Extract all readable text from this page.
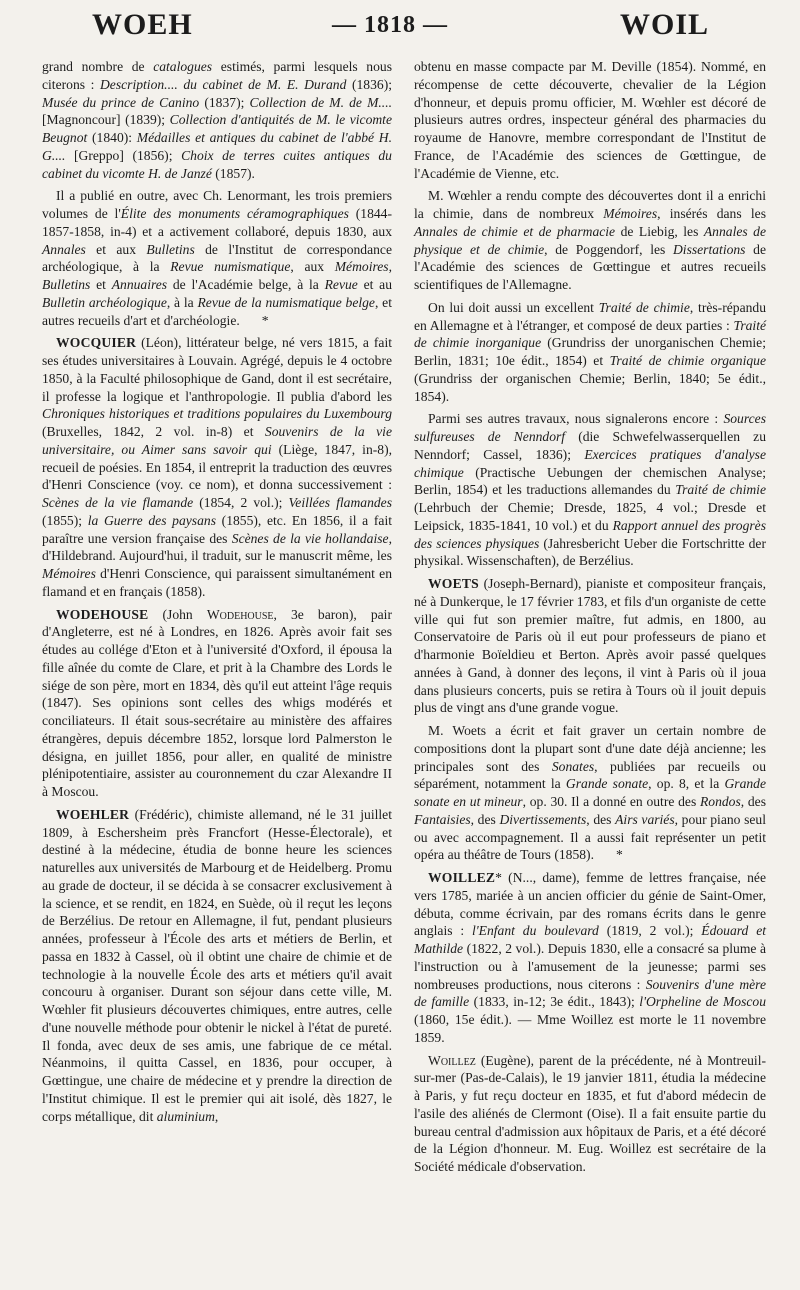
WOEH	— 1818 —	WOIL

grand nombre de catalogues estimés, parmi lesquels nous citerons : Description.... du cabinet de M. E. Durand (1836); Musée du prince de Canino (1837); Collection de M. de M.... [Magnoncour] (1839); Collection d'antiquités de M. le vicomte Beugnot (1840): Médailles et antiques du cabinet de l'abbé H. G.... [Greppo] (1856); Choix de terres cuites antiques du cabinet du vicomte H. de Janzé (1857).

Il a publié en outre, avec Ch. Lenormant, les trois premiers volumes de l'Élite des monuments céramographiques (1844-1857-1858, in-4) et a activement collaboré, depuis 1830, aux Annales et aux Bulletins de l'Institut de correspondance archéologique, à la Revue numismatique, aux Mémoires, Bulletins et Annuaires de l'Académie belge, à la Revue et au Bulletin archéologique, à la Revue de la numismatique belge, et autres recueils d'art et d'archéologie. *

WOCQUIER (Léon), littérateur belge, né vers 1815, a fait ses études universitaires à Louvain. Agrégé, depuis le 4 octobre 1850, à la Faculté philosophique de Gand, dont il est secrétaire, il professe la logique et l'anthropologie. Il publia d'abord les Chroniques historiques et traditions populaires du Luxembourg (Bruxelles, 1842, 2 vol. in-8) et Souvenirs de la vie universitaire, ou Aimer sans savoir qui (Liège, 1847, in-8), recueil de poésies. En 1854, il entreprit la traduction des œuvres d'Henri Conscience (voy. ce nom), et donna successivement : Scènes de la vie flamande (1854, 2 vol.); Veillées flamandes (1855); la Guerre des paysans (1855), etc. En 1856, il a fait paraître une version française des Scènes de la vie hollandaise, d'Hildebrand. Aujourd'hui, il traduit, sur le manuscrit même, les Mémoires d'Henri Conscience, qui paraissent simultanément en flamand et en français (1858).

WODEHOUSE (John Wodehouse, 3e baron), pair d'Angleterre, est né à Londres, en 1826. Après avoir fait ses études au collége d'Eton et à l'université d'Oxford, il épousa la fille aînée du comte de Clare, et prit à la Chambre des Lords le siége de son père, mort en 1834, dès qu'il eut atteint l'âge requis (1847). Ses opinions sont celles des whigs modérés et conciliateurs. Il était sous-secrétaire au ministère des affaires étrangères, depuis décembre 1852, lorsque lord Palmerston le désigna, en juillet 1856, pour aller, en qualité de ministre plénipotentiaire, assister au couronnement du czar Alexandre II à Moscou.

WOEHLER (Frédéric), chimiste allemand, né le 31 juillet 1809, à Eschersheim près Francfort (Hesse-Électorale), et destiné à la médecine, étudia de bonne heure les sciences naturelles aux universités de Marbourg et de Heidelberg. Promu au grade de docteur, il se décida à se consacrer exclusivement à la science, et se rendit, en 1824, en Suède, où il reçut les leçons de Berzélius. De retour en Allemagne, il fut, pendant plusieurs années, professeur à l'École des arts et métiers de Berlin, et passa en 1832 à Cassel, où il obtint une chaire de chimie et de technologie à la nouvelle École des arts et métiers qu'il avait concouru à organiser. Durant son séjour dans cette ville, M. Wœhler fit plusieurs découvertes chimiques, entre autres, celle d'une nouvelle méthode pour obtenir le nickel à l'état de pureté. Il fonda, avec deux de ses amis, une fabrique de ce métal. Néanmoins, il quitta Cassel, en 1836, pour occuper, à Gœttingue, une chaire de médecine et y prendre la direction de l'Institut chimique. Il est le premier qui ait isolé, dès 1827, le corps métallique, dit aluminium,

obtenu en masse compacte par M. Deville (1854). Nommé, en récompense de cette découverte, chevalier de la Légion d'honneur, et depuis promu officier, M. Wœhler est décoré de plusieurs autres ordres, inspecteur général des pharmacies du royaume de Hanovre, membre correspondant de l'Institut de France, de l'Académie des sciences de Gœttingue, de l'Académie de Vienne, etc.

M. Wœhler a rendu compte des découvertes dont il a enrichi la chimie, dans de nombreux Mémoires, insérés dans les Annales de chimie et de pharmacie de Liebig, les Annales de physique et de chimie, de Poggendorf, les Dissertations de l'Académie des sciences de Gœttingue et autres recueils scientifiques de l'Allemagne.

On lui doit aussi un excellent Traité de chimie, très-répandu en Allemagne et à l'étranger, et composé de deux parties : Traité de chimie inorganique (Grundriss der unorganischen Chemie; Berlin, 1831; 10e édit., 1854) et Traité de chimie organique (Grundriss der organischen Chemie; Berlin, 1840; 5e édit., 1854).

Parmi ses autres travaux, nous signalerons encore : Sources sulfureuses de Nenndorf (die Schwefelwasserquellen zu Nenndorf; Cassel, 1836); Exercices pratiques d'analyse chimique (Practische Uebungen der chemischen Analyse; Berlin, 1854) et les traductions allemandes du Traité de chimie (Lehrbuch der Chemie; Dresde, 1825, 4 vol.; Dresde et Leipsick, 1835-1841, 10 vol.) et du Rapport annuel des progrès des sciences physiques (Jahresbericht Ueber die Fortschritte der physikal. Wissenschaften), de Berzélius.

WOETS (Joseph-Bernard), pianiste et compositeur français, né à Dunkerque, le 17 février 1783, et fils d'un organiste de cette ville qui fut son premier maître, fut admis, en 1800, au Conservatoire de Paris où il eut pour professeurs de piano et d'harmonie Boïeldieu et Berton. Après avoir passé quelques années à Gand, à donner des leçons, il vint à Paris où il joua dans plusieurs concerts, puis se retira à Tours où il jouit depuis plus de vingt ans d'une grande vogue.

M. Woets a écrit et fait graver un certain nombre de compositions dont la plupart sont d'une date déjà ancienne; les principales sont des Sonates, publiées par recueils ou séparément, notamment la Grande sonate, op. 8, et la Grande sonate en ut mineur, op. 30. Il a donné en outre des Rondos, des Fantaisies, des Divertissements, des Airs variés, pour piano seul ou avec accompagnement. Il a aussi fait représenter un petit opéra au théâtre de Tours (1858). *

WOILLEZ* (N..., dame), femme de lettres française, née vers 1785, mariée à un ancien officier du génie de Saint-Omer, débuta, comme écrivain, par des romans écrits dans le genre anglais : l'Enfant du boulevard (1819, 2 vol.); Édouard et Mathilde (1822, 2 vol.). Depuis 1830, elle a consacré sa plume à l'instruction ou à l'amusement de la jeunesse; parmi ses nombreuses productions, nous citerons : Souvenirs d'une mère de famille (1833, in-12; 3e édit., 1843); l'Orpheline de Moscou (1860, 15e édit.). — Mme Woillez est morte le 11 novembre 1859.

Woillez (Eugène), parent de la précédente, né à Montreuil-sur-mer (Pas-de-Calais), le 19 janvier 1811, étudia la médecine à Paris, y fut reçu docteur en 1835, et fut d'abord médecin de l'asile des aliénés de Clermont (Oise). Il a fait ensuite partie du bureau central d'admission aux hôpitaux de Paris, et a été décoré de la Légion d'honneur. M. Eug. Woillez est secrétaire de la Société médicale d'observation.
